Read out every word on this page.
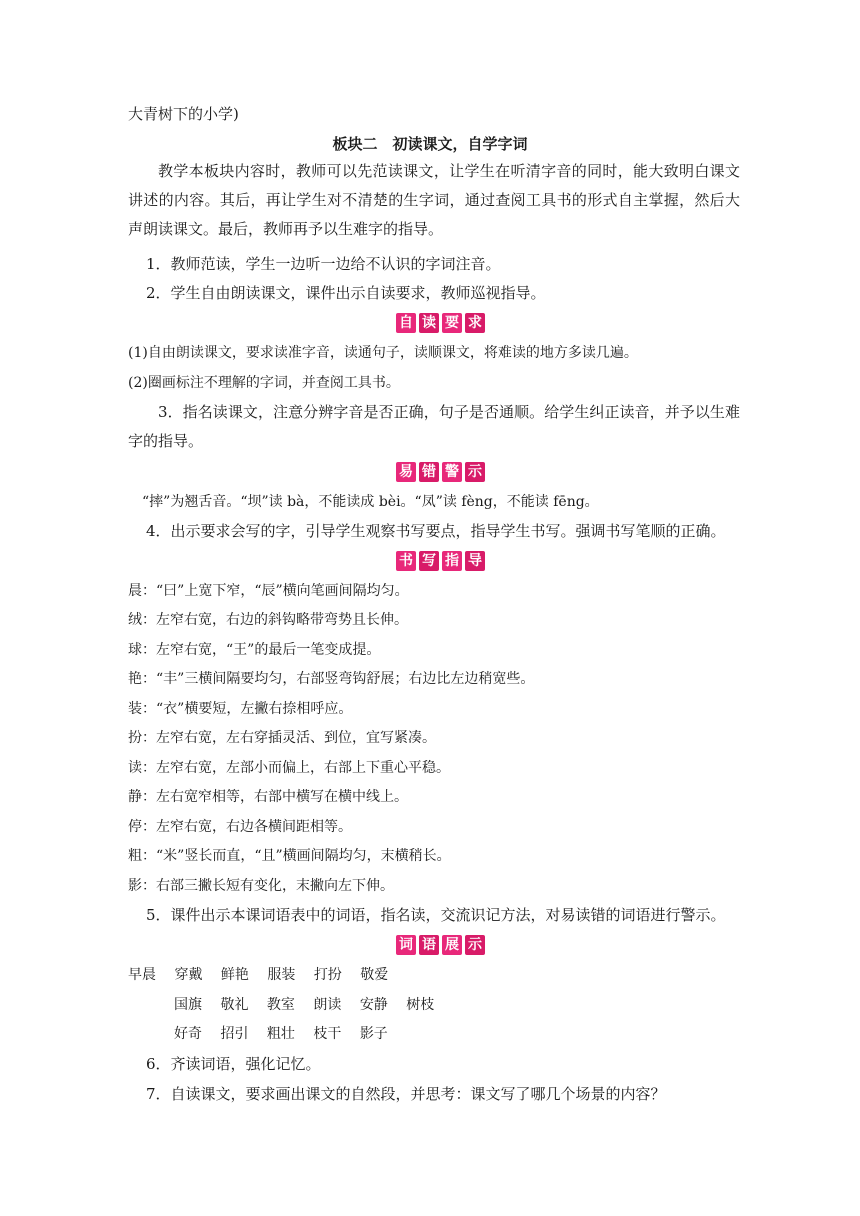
大青树下的小学)
板块二　初读课文，自学字词
教学本板块内容时，教师可以先范读课文，让学生在听清字音的同时，能大致明白课文讲述的内容。其后，再让学生对不清楚的生字词，通过查阅工具书的形式自主掌握，然后大声朗读课文。最后，教师再予以生难字的指导。
1．教师范读，学生一边听一边给不认识的字词注音。
2．学生自由朗读课文，课件出示自读要求，教师巡视指导。
自 读 要 求
(1)自由朗读课文，要求读准字音，读通句子，读顺课文，将难读的地方多读几遍。
(2)圈画标注不理解的字词，并查阅工具书。
3．指名读课文，注意分辨字音是否正确，句子是否通顺。给学生纠正读音，并予以生难字的指导。
易 错 警 示
“摔”为翘舌音。“坝”读 bà，不能读成 bèi。“凤”读 fèng，不能读 fēng。
4．出示要求会写的字，引导学生观察书写要点，指导学生书写。强调书写笔顺的正确。
书 写 指 导
晨：“曰”上宽下窄，“辰”横向笔画间隔均匀。
绒：左窄右宽，右边的斜钩略带弯势且长伸。
球：左窄右宽，“王”的最后一笔变成提。
艳：“丰”三横间隔要均匀，右部竖弯钩舒展；右边比左边稍宽些。
装：“衣”横要短，左撇右捺相呼应。
扮：左窄右宽，左右穿插灵活、到位，宜写紧凑。
读：左窄右宽，左部小而偏上，右部上下重心平稳。
静：左右宽窄相等，右部中横写在横中线上。
停：左窄右宽，右边各横间距相等。
粗：“米”竖长而直，“且”横画间隔均匀，末横稍长。
影：右部三撇长短有变化，末撇向左下伸。
5．课件出示本课词语表中的词语，指名读，交流识记方法，对易读错的词语进行警示。
词 语 展 示
早晨 穿戴 鲜艳 服装 打扮 敬爱
国旗 敬礼 教室 朗读 安静 树枝
好奇 招引 粗壮 枝干 影子
6．齐读词语，强化记忆。
7．自读课文，要求画出课文的自然段，并思考：课文写了哪几个场景的内容？
